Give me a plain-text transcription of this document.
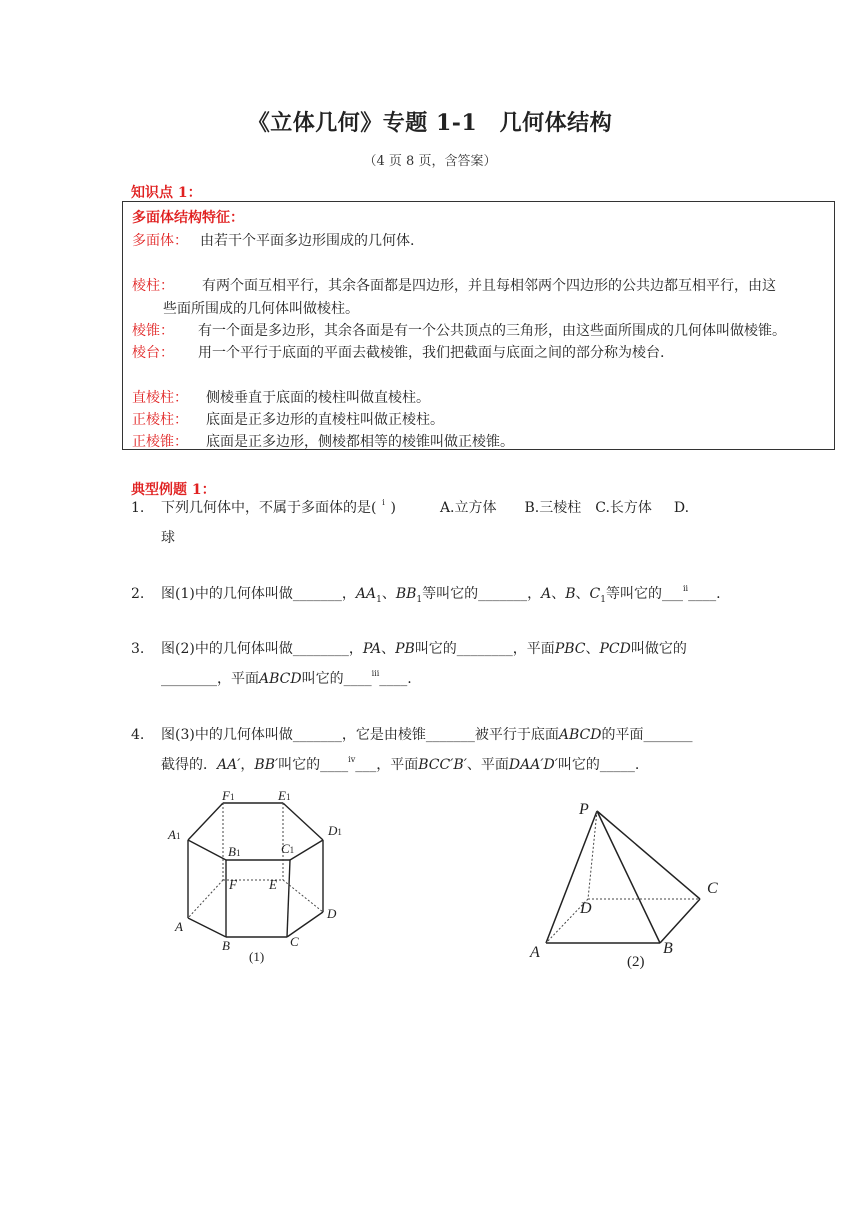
《立体几何》专题 1-1　几何体结构
（4 页 8 页，含答案）
知识点 1：
多面体结构特征：
多面体： 由若干个平面多边形围成的几何体.
棱柱： 有两个面互相平行，其余各面都是四边形，并且每相邻两个四边形的公共边都互相平行，由这
些面所围成的几何体叫做棱柱。
棱锥： 有一个面是多边形，其余各面是有一个公共顶点的三角形，由这些面所围成的几何体叫做棱锥。
棱台： 用一个平行于底面的平面去截棱锥，我们把截面与底面之间的部分称为棱台.
直棱柱： 侧棱垂直于底面的棱柱叫做直棱柱。
正棱柱： 底面是正多边形的直棱柱叫做正棱柱。
正棱锥： 底面是正多边形，侧棱都相等的棱锥叫做正棱锥。
典型例题 1：
1. 下列几何体中，不属于多面体的是( $^i$ )	A.立方体 B.三棱柱 C.长方体 D.
球
2. 图(1)中的几何体叫做_______，$AA_1$、$BB_1$等叫它的_______，A、B、$C_1$等叫它的___$^{ii}$____.
3. 图(2)中的几何体叫做________，PA、PB叫它的________，平面PBC、PCD叫做它的
________，平面ABCD叫它的____$^{iii}$____.
4. 图(3)中的几何体叫做_______，它是由棱锥_______被平行于底面ABCD的平面_______
截得的．AA′，BB′叫它的____$^{iv}$___，平面BCC′B′、平面DAA′D′叫它的_____.
F1	E1
A1	D1
B1	C1
F E
A
B	C
D
(1)
P
C
D
A	B
(2)
